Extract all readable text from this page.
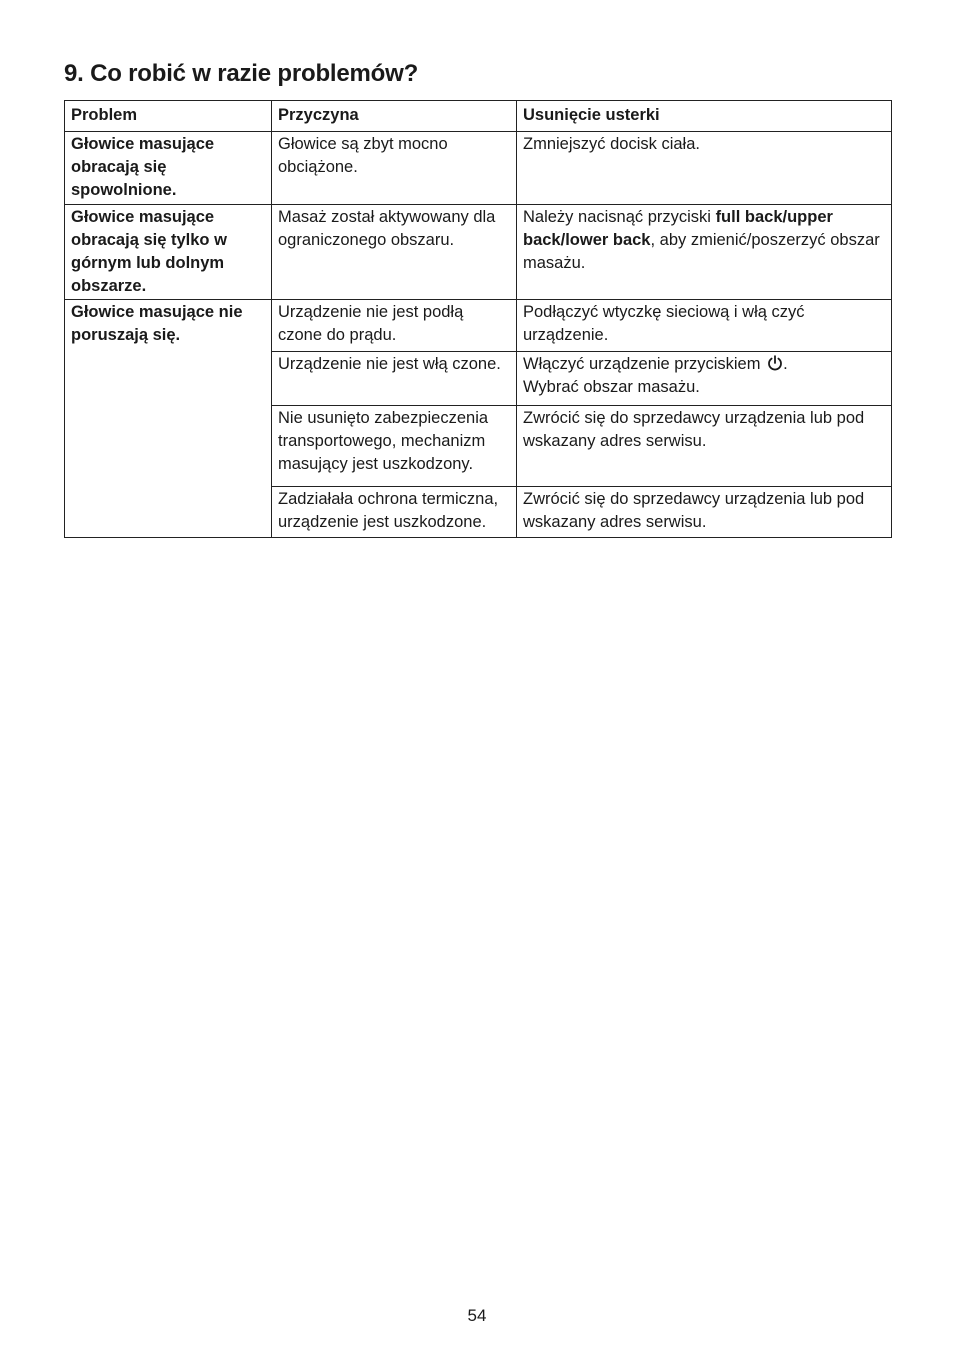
9. Co robić w razie problemów?
Problem	Przyczyna	Usunięcie usterki
Głowice masujące obracają się spowolnione.	Głowice są zbyt mocno obciążone.	Zmniejszyć docisk ciała.
Głowice masujące obracają się tylko w górnym lub dolnym obszarze.	Masaż został aktywowany dla ograniczonego obszaru.	Należy nacisnąć przyciski full back/upper back/lower back, aby zmienić/poszerzyć obszar masażu.
Głowice masujące nie poruszają się.	Urządzenie nie jest podłą czone do prądu.	Podłączyć wtyczkę sieciową i włą czyć urządzenie.
	Urządzenie nie jest włą czone.	Włączyć urządzenie przyciskiem .
Wybrać obszar masażu.
	Nie usunięto zabezpieczenia transportowego, mechanizm masujący jest uszkodzony.	Zwrócić się do sprzedawcy urządzenia lub pod wskazany adres serwisu.
	Zadziałała ochrona termiczna, urządzenie jest uszkodzone.	Zwrócić się do sprzedawcy urządzenia lub pod wskazany adres serwisu.
54
